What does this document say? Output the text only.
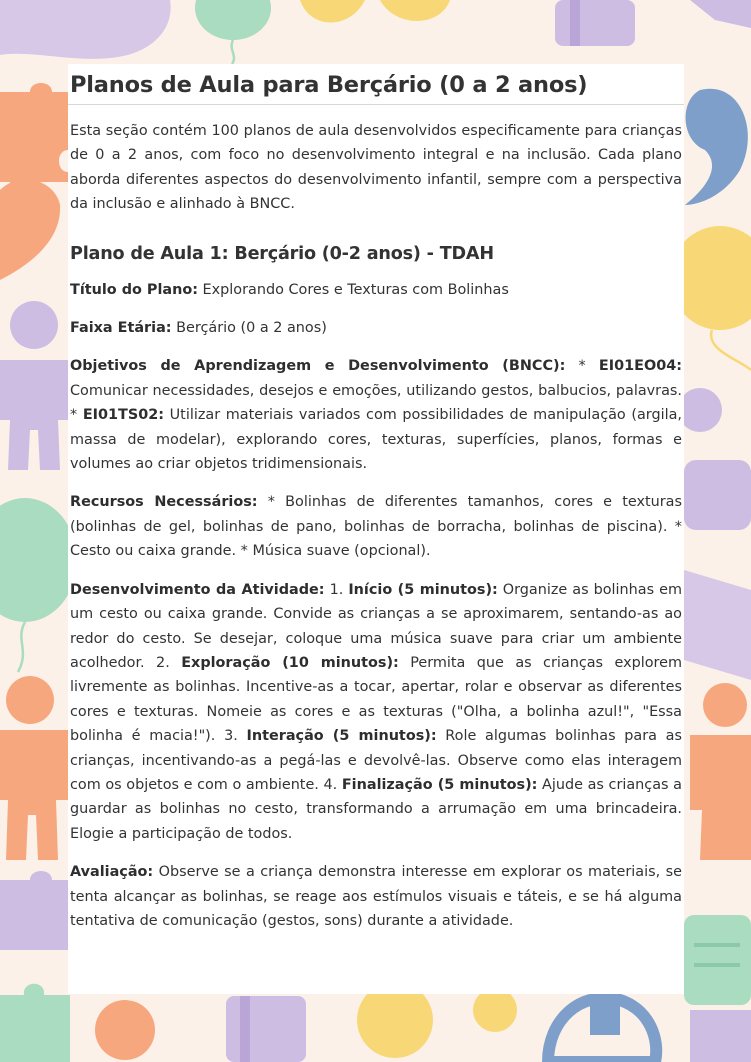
Planos de Aula para Berçário (0 a 2 anos)

Esta seção contém 100 planos de aula desenvolvidos especificamente para crianças de 0 a 2 anos, com foco no desenvolvimento integral e na inclusão. Cada plano aborda diferentes aspectos do desenvolvimento infantil, sempre com a perspectiva da inclusão e alinhado à BNCC.

Plano de Aula 1: Berçário (0-2 anos) - TDAH

Título do Plano: Explorando Cores e Texturas com Bolinhas

Faixa Etária: Berçário (0 a 2 anos)

Objetivos de Aprendizagem e Desenvolvimento (BNCC): * EI01EO04: Comunicar necessidades, desejos e emoções, utilizando gestos, balbucios, palavras. * EI01TS02: Utilizar materiais variados com possibilidades de manipulação (argila, massa de modelar), explorando cores, texturas, superfícies, planos, formas e volumes ao criar objetos tridimensionais.

Recursos Necessários: * Bolinhas de diferentes tamanhos, cores e texturas (bolinhas de gel, bolinhas de pano, bolinhas de borracha, bolinhas de piscina). * Cesto ou caixa grande. * Música suave (opcional).

Desenvolvimento da Atividade: 1. Início (5 minutos): Organize as bolinhas em um cesto ou caixa grande. Convide as crianças a se aproximarem, sentando-as ao redor do cesto. Se desejar, coloque uma música suave para criar um ambiente acolhedor. 2. Exploração (10 minutos): Permita que as crianças explorem livremente as bolinhas. Incentive-as a tocar, apertar, rolar e observar as diferentes cores e texturas. Nomeie as cores e as texturas ("Olha, a bolinha azul!", "Essa bolinha é macia!"). 3. Interação (5 minutos): Role algumas bolinhas para as crianças, incentivando-as a pegá-las e devolvê-las. Observe como elas interagem com os objetos e com o ambiente. 4. Finalização (5 minutos): Ajude as crianças a guardar as bolinhas no cesto, transformando a arrumação em uma brincadeira. Elogie a participação de todos.

Avaliação: Observe se a criança demonstra interesse em explorar os materiais, se tenta alcançar as bolinhas, se reage aos estímulos visuais e táteis, e se há alguma tentativa de comunicação (gestos, sons) durante a atividade.
